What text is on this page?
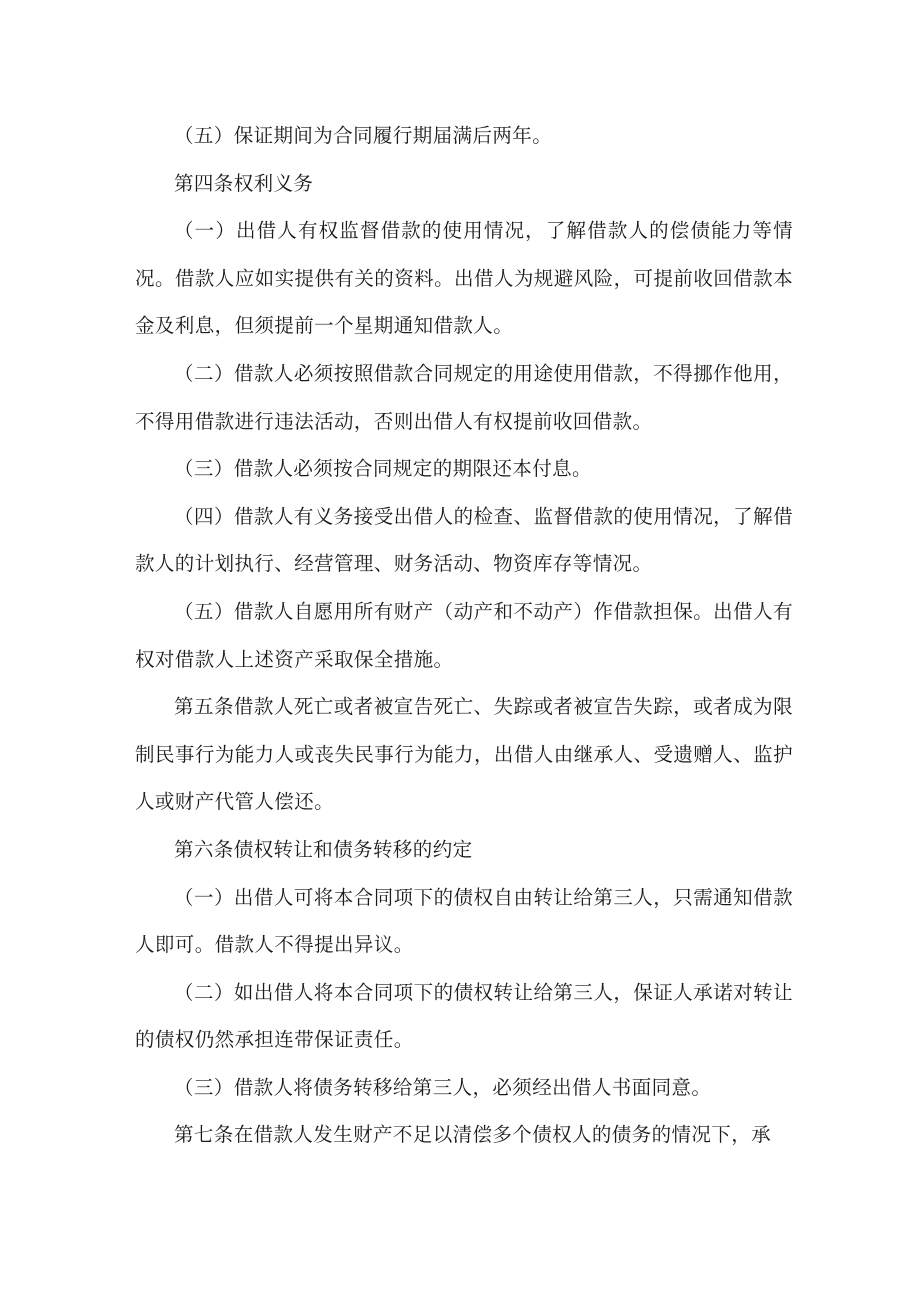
（五）保证期间为合同履行期届满后两年。

第四条权利义务

（一）出借人有权监督借款的使用情况，了解借款人的偿债能力等情况。借款人应如实提供有关的资料。出借人为规避风险，可提前收回借款本金及利息，但须提前一个星期通知借款人。

（二）借款人必须按照借款合同规定的用途使用借款，不得挪作他用，不得用借款进行违法活动，否则出借人有权提前收回借款。

（三）借款人必须按合同规定的期限还本付息。

（四）借款人有义务接受出借人的检查、监督借款的使用情况，了解借款人的计划执行、经营管理、财务活动、物资库存等情况。

（五）借款人自愿用所有财产（动产和不动产）作借款担保。出借人有权对借款人上述资产采取保全措施。

第五条借款人死亡或者被宣告死亡、失踪或者被宣告失踪，或者成为限制民事行为能力人或丧失民事行为能力，出借人由继承人、受遗赠人、监护人或财产代管人偿还。

第六条债权转让和债务转移的约定

（一）出借人可将本合同项下的债权自由转让给第三人，只需通知借款人即可。借款人不得提出异议。

（二）如出借人将本合同项下的债权转让给第三人，保证人承诺对转让的债权仍然承担连带保证责任。

（三）借款人将债务转移给第三人，必须经出借人书面同意。

第七条在借款人发生财产不足以清偿多个债权人的债务的情况下，承
